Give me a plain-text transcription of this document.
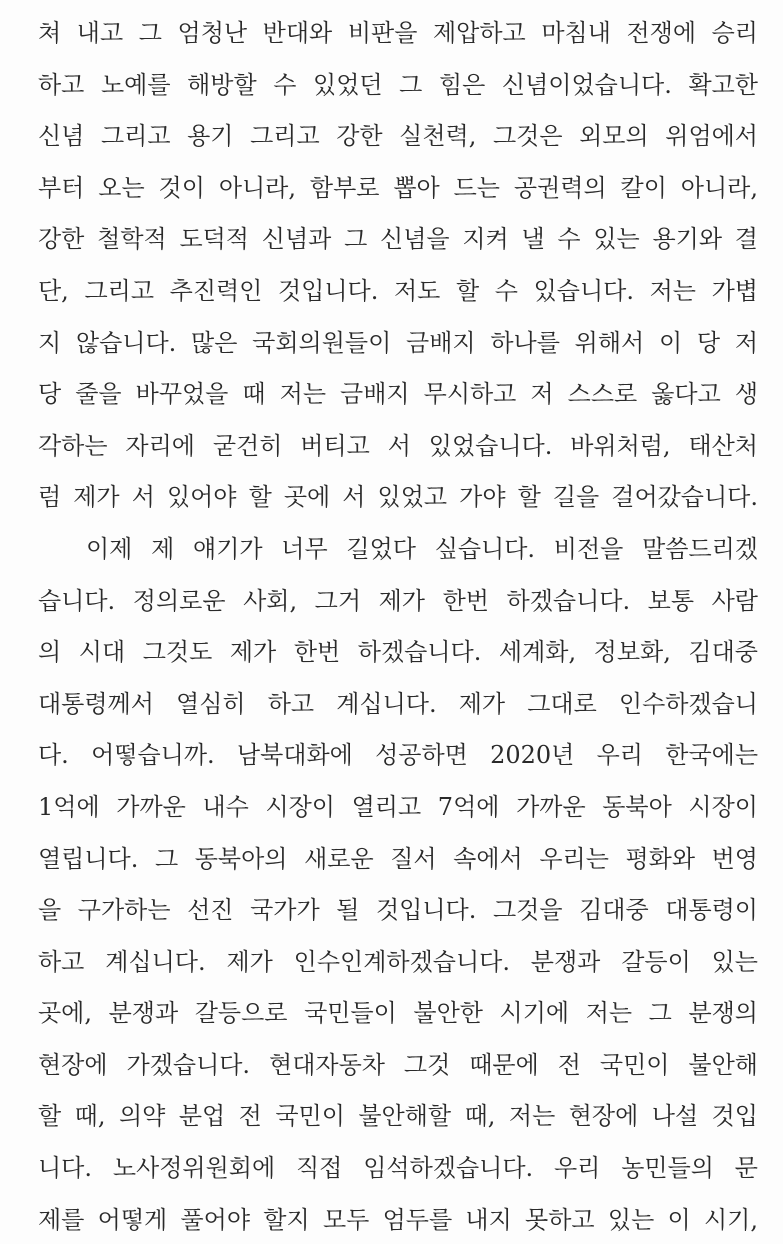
쳐 내고 그 엄청난 반대와 비판을 제압하고 마침내 전쟁에 승리
하고 노예를 해방할 수 있었던 그 힘은 신념이었습니다. 확고한
신념 그리고 용기 그리고 강한 실천력, 그것은 외모의 위엄에서
부터 오는 것이 아니라, 함부로 뽑아 드는 공권력의 칼이 아니라,
강한 철학적 도덕적 신념과 그 신념을 지켜 낼 수 있는 용기와 결
단, 그리고 추진력인 것입니다. 저도 할 수 있습니다. 저는 가볍
지 않습니다. 많은 국회의원들이 금배지 하나를 위해서 이 당 저
당 줄을 바꾸었을 때 저는 금배지 무시하고 저 스스로 옳다고 생
각하는 자리에 굳건히 버티고 서 있었습니다. 바위처럼, 태산처
럼 제가 서 있어야 할 곳에 서 있었고 가야 할 길을 걸어갔습니다.
이제 제 얘기가 너무 길었다 싶습니다. 비전을 말씀드리겠
습니다. 정의로운 사회, 그거 제가 한번 하겠습니다. 보통 사람
의 시대 그것도 제가 한번 하겠습니다. 세계화, 정보화, 김대중
대통령께서 열심히 하고 계십니다. 제가 그대로 인수하겠습니
다. 어떻습니까. 남북대화에 성공하면 2020년 우리 한국에는
1억에 가까운 내수 시장이 열리고 7억에 가까운 동북아 시장이
열립니다. 그 동북아의 새로운 질서 속에서 우리는 평화와 번영
을 구가하는 선진 국가가 될 것입니다. 그것을 김대중 대통령이
하고 계십니다. 제가 인수인계하겠습니다. 분쟁과 갈등이 있는
곳에, 분쟁과 갈등으로 국민들이 불안한 시기에 저는 그 분쟁의
현장에 가겠습니다. 현대자동차 그것 때문에 전 국민이 불안해
할 때, 의약 분업 전 국민이 불안해할 때, 저는 현장에 나설 것입
니다. 노사정위원회에 직접 임석하겠습니다. 우리 농민들의 문
제를 어떻게 풀어야 할지 모두 엄두를 내지 못하고 있는 이 시기,
